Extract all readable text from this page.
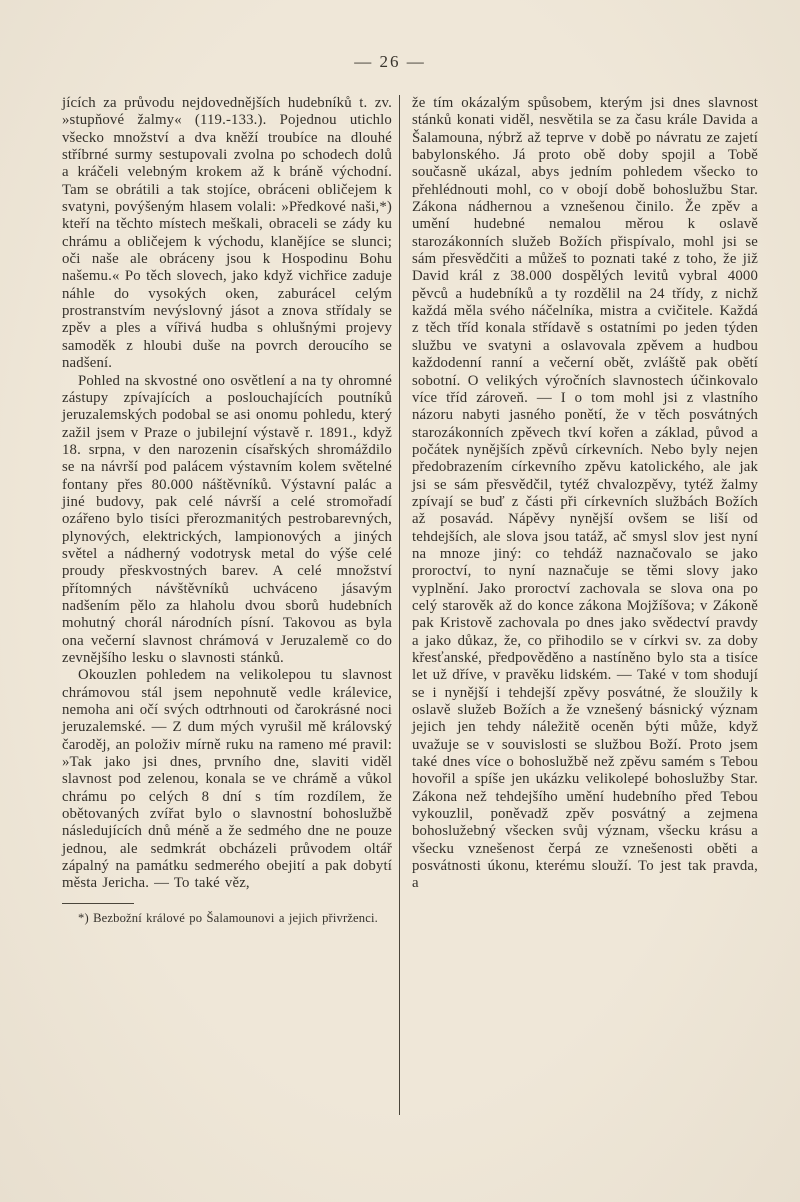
— 26 —

jících za průvodu nejdovednějších hudebníků t. zv. »stupňové žalmy« (119.-133.). Pojednou utichlo všecko množství a dva kněží troubíce na dlouhé stříbrné surmy sestupovali zvolna po schodech dolů a kráčeli velebným krokem až k bráně východní. Tam se obrátili a tak stojíce, obráceni obličejem k svatyni, povýšeným hlasem volali: »Předkové naši,*) kteří na těchto místech meškali, obraceli se zády ku chrámu a obličejem k východu, klanějíce se slunci; oči naše ale obráceny jsou k Hospodinu Bohu našemu.« Po těch slovech, jako když vichřice zaduje náhle do vysokých oken, zaburácel celým prostranstvím nevýslovný jásot a znova střídaly se zpěv a ples a vířivá hudba s ohlušnými projevy samoděk z hloubi duše na povrch deroucího se nadšení.

Pohled na skvostné ono osvětlení a na ty ohromné zástupy zpívajících a poslouchajících poutníků jeruzalemských podobal se asi onomu pohledu, který zažil jsem v Praze o jubilejní výstavě r. 1891., když 18. srpna, v den narozenin císařských shromáždilo se na návrší pod palácem výstavním kolem světelné fontany přes 80.000 náštěvníků. Výstavní palác a jiné budovy, pak celé návrší a celé stromořadí ozářeno bylo tisíci přerozmanitých pestrobarevných, plynových, elektrických, lampionových a jiných světel a nádherný vodotrysk metal do výše celé proudy přeskvostných barev. A celé množství přítomných návštěvníků uchváceno jásavým nadšením pělo za hlaholu dvou sborů hudebních mohutný chorál národních písní. Takovou as byla ona večerní slavnost chrámová v Jeruzalemě co do zevnějšího lesku o slavnosti stánků.

Okouzlen pohledem na velikolepou tu slavnost chrámovou stál jsem nepohnutě vedle králevice, nemoha ani očí svých odtrhnouti od čarokrásné noci jeruzalemské. — Z dum mých vyrušil mě královský čaroděj, an položiv mírně ruku na rameno mé pravil: »Tak jako jsi dnes, prvního dne, slaviti viděl slavnost pod zelenou, konala se ve chrámě a vůkol chrámu po celých 8 dní s tím rozdílem, že obětovaných zvířat bylo o slavnostní bohoslužbě následujících dnů méně a že sedmého dne ne pouze jednou, ale sedmkrát obcházeli průvodem oltář zápalný na památku sedmerého obejití a pak dobytí města Jericha. — To také věz,

*) Bezbožní králové po Šalamounovi a jejich přivrženci.

že tím okázalým spůsobem, kterým jsi dnes slavnost stánků konati viděl, nesvětila se za času krále Davida a Šalamouna, nýbrž až teprve v době po návratu ze zajetí babylonského. Já proto obě doby spojil a Tobě současně ukázal, abys jedním pohledem všecko to přehlédnouti mohl, co v obojí době bohoslužbu Star. Zákona nádhernou a vznešenou činilo. Že zpěv a umění hudebné nemalou měrou k oslavě starozákonních služeb Božích přispívalo, mohl jsi se sám přesvědčiti a můžeš to poznati také z toho, že již David král z 38.000 dospělých levitů vybral 4000 pěvců a hudebníků a ty rozdělil na 24 třídy, z nichž každá měla svého náčelníka, mistra a cvičitele. Každá z těch tříd konala střídavě s ostatními po jeden týden službu ve svatyni a oslavovala zpěvem a hudbou každodenní ranní a večerní obět, zvláště pak obětí sobotní. O velikých výročních slavnostech účinkovalo více tříd zároveň. — I o tom mohl jsi z vlastního názoru nabyti jasného ponětí, že v těch posvátných starozákonních zpěvech tkví kořen a základ, původ a počátek nynějších zpěvů církevních. Nebo byly nejen předobrazením církevního zpěvu katolického, ale jak jsi se sám přesvědčil, tytéž chvalozpěvy, tytéž žalmy zpívají se buď z části při církevních službách Božích až posavád. Nápěvy nynější ovšem se liší od tehdejších, ale slova jsou tatáž, ač smysl slov jest nyní na mnoze jiný: co tehdáž naznačovalo se jako proroctví, to nyní naznačuje se těmi slovy jako vyplnění. Jako proroctví zachovala se slova ona po celý starověk až do konce zákona Mojžíšova; v Zákoně pak Kristově zachovala po dnes jako svědectví pravdy a jako důkaz, že, co přihodilo se v církvi sv. za doby křesťanské, předpověděno a nastíněno bylo sta a tisíce let už dříve, v pravěku lidském. — Také v tom shodují se i nynější i tehdejší zpěvy posvátné, že sloužily k oslavě služeb Božích a že vznešený básnický význam jejich jen tehdy náležitě oceněn býti může, když uvažuje se v souvislosti se službou Boží. Proto jsem také dnes více o bohoslužbě než zpěvu samém s Tebou hovořil a spíše jen ukázku velikolepé bohoslužby Star. Zákona než tehdejšího umění hudebního před Tebou vykouzlil, poněvadž zpěv posvátný a zejmena bohoslužebný všecken svůj význam, všecku krásu a všecku vznešenost čerpá ze vznešenosti oběti a posvátnosti úkonu, kterému slouží. To jest tak pravda, a
